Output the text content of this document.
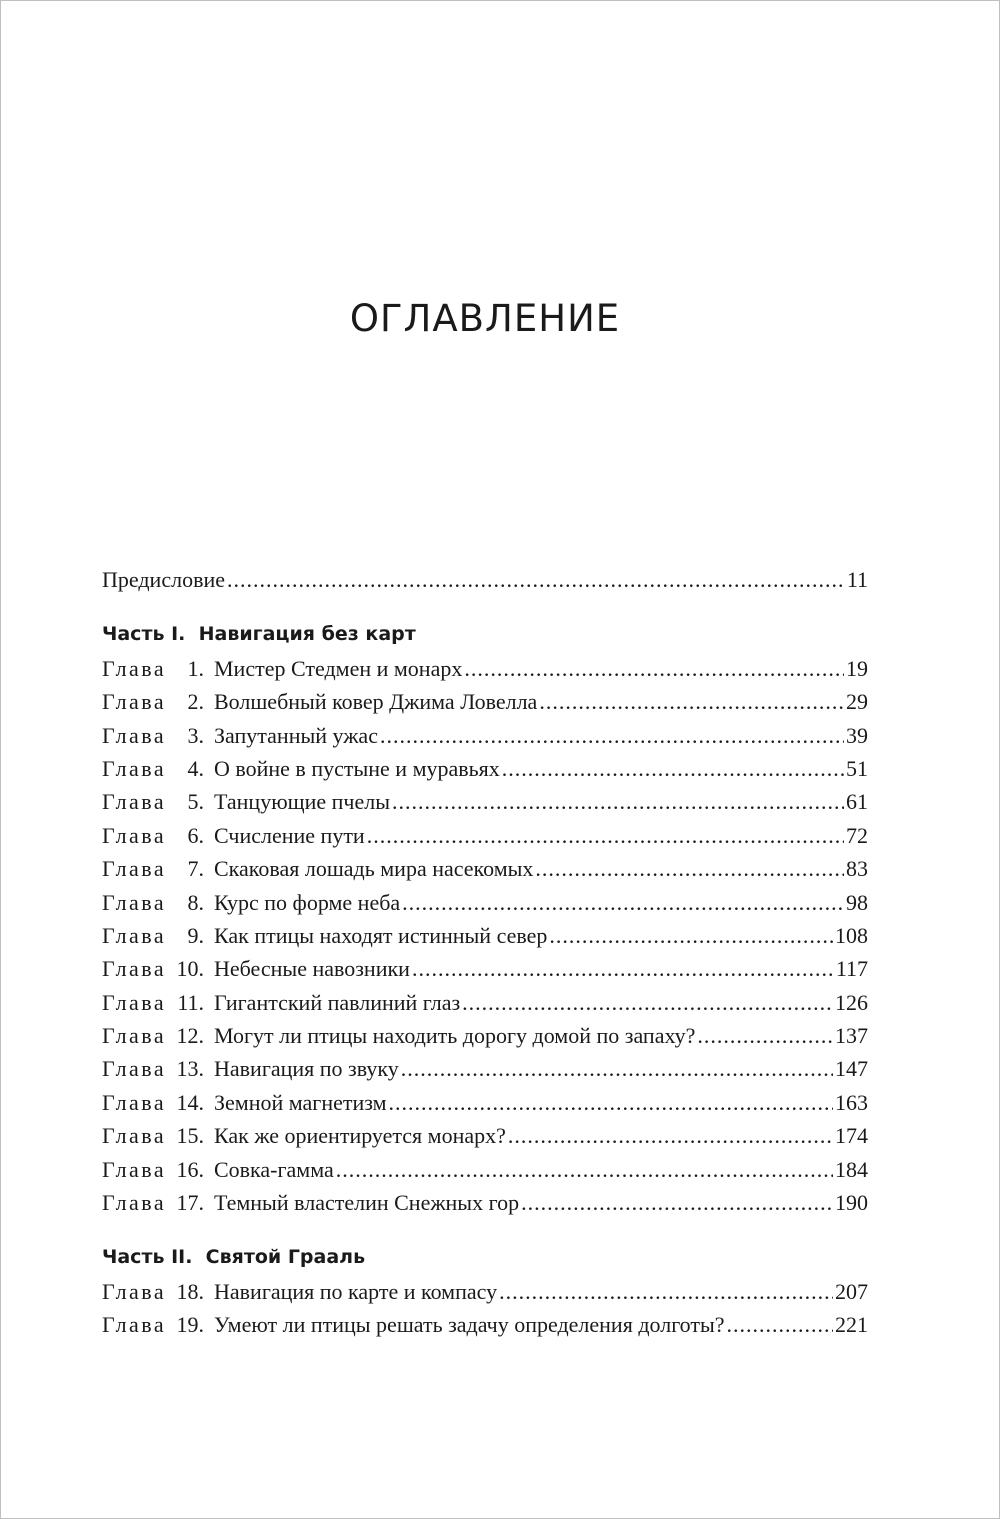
ОГЛАВЛЕНИЕ
Предисловие .....	11
Часть I.  Навигация без карт
Глава 1. Мистер Стедмен и монарх .....	19
Глава 2. Волшебный ковер Джима Ловелла .....	29
Глава 3. Запутанный ужас .....	39
Глава 4. О войне в пустыне и муравьях .....	51
Глава 5. Танцующие пчелы .....	61
Глава 6. Счисление пути .....	72
Глава 7. Скаковая лошадь мира насекомых .....	83
Глава 8. Курс по форме неба .....	98
Глава 9. Как птицы находят истинный север .....	108
Глава 10. Небесные навозники .....	117
Глава 11. Гигантский павлиний глаз .....	126
Глава 12. Могут ли птицы находить дорогу домой по запаху? .....	137
Глава 13. Навигация по звуку .....	147
Глава 14. Земной магнетизм .....	163
Глава 15. Как же ориентируется монарх? .....	174
Глава 16. Совка-гамма .....	184
Глава 17. Темный властелин Снежных гор .....	190
Часть II.  Святой Грааль
Глава 18. Навигация по карте и компасу .....	207
Глава 19. Умеют ли птицы решать задачу определения долготы? .....	221
